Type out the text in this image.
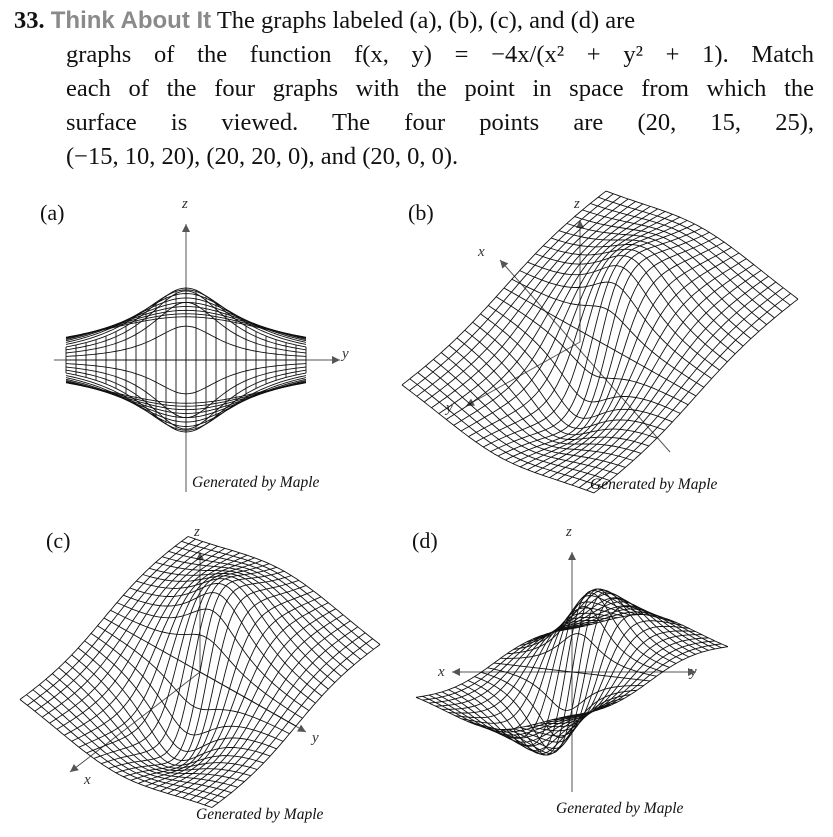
33. Think About It The graphs labeled (a), (b), (c), and (d) are
graphs of the function f(x, y) = −4x/(x² + y² + 1). Match
each of the four graphs with the point in space from which the
surface is viewed. The four points are (20, 15, 25),
(−15, 10, 20), (20, 20, 0), and (20, 0, 0).
(a)	z
y
Generated by Maple
(b)	z
x
y
Generated by Maple
(c)	z
x
y
Generated by Maple
(d)	z
x
Generated by Maple
